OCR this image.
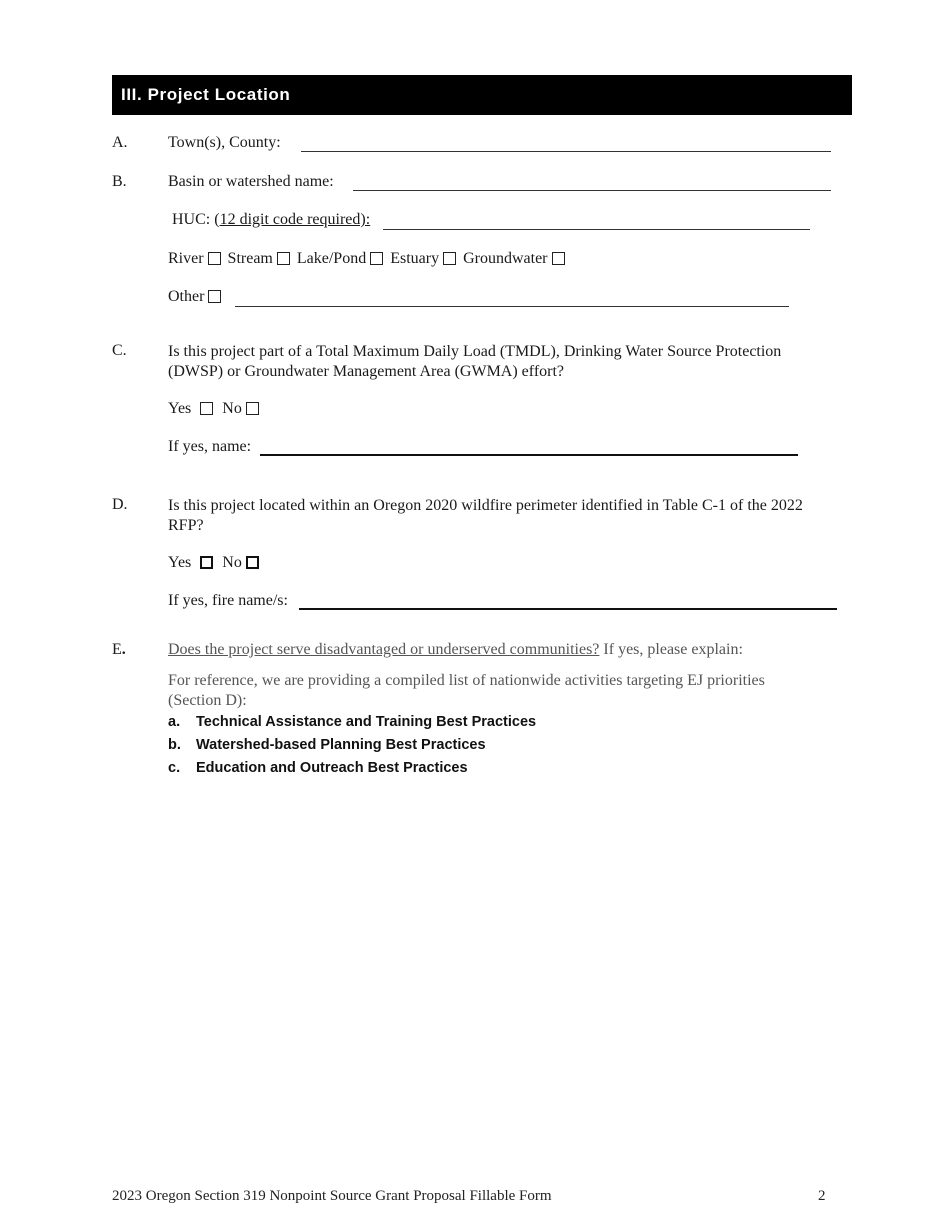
III. Project Location
A.	Town(s), County:
B.	Basin or watershed name:
HUC: (12 digit code required):
River Stream Lake/Pond Estuary Groundwater
Other
C.	Is this project part of a Total Maximum Daily Load (TMDL), Drinking Water Source Protection (DWSP) or Groundwater Management Area (GWMA) effort?
Yes No
If yes, name:
D.	Is this project located within an Oregon 2020 wildfire perimeter identified in Table C-1 of the 2022 RFP?
Yes No
If yes, fire name/s:
E.	Does the project serve disadvantaged or underserved communities? If yes, please explain:
For reference, we are providing a compiled list of nationwide activities targeting EJ priorities (Section D):
a. Technical Assistance and Training Best Practices
b. Watershed-based Planning Best Practices
c. Education and Outreach Best Practices
2023 Oregon Section 319 Nonpoint Source Grant Proposal Fillable Form	2
